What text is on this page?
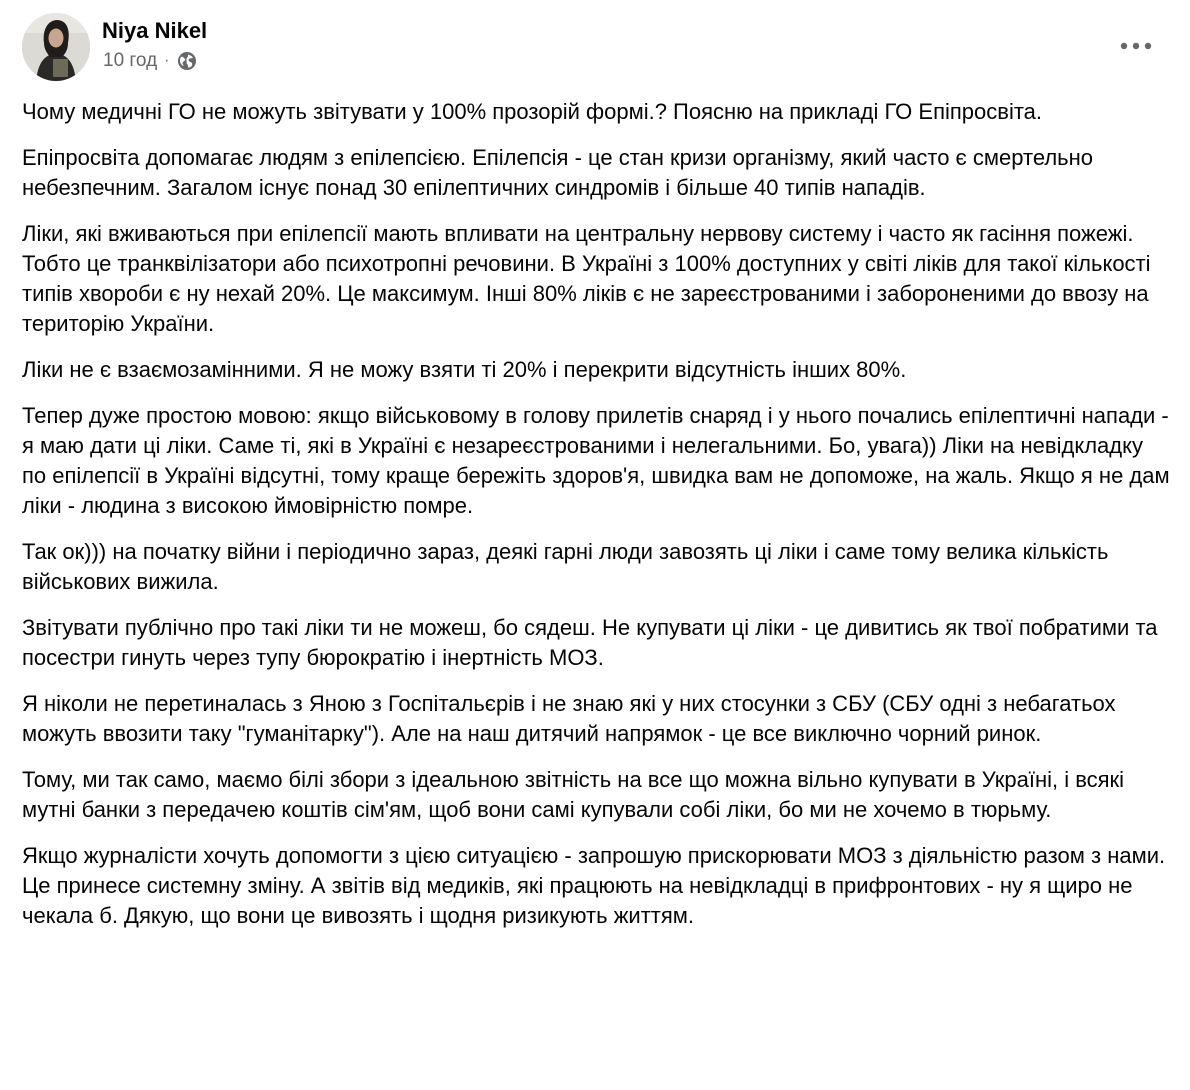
Niya Nikel
10 год ·

Чому медичні ГО не можуть звітувати у 100% прозорій формі.? Поясню на прикладі ГО Епіпросвіта.

Епіпросвіта допомагає людям з епілепсією. Епілепсія - це стан кризи організму, який часто є смертельно небезпечним. Загалом існує понад 30 епілептичних синдромів і більше 40 типів нападів.

Ліки, які вживаються при епілепсії мають впливати на центральну нервову систему і часто як гасіння пожежі. Тобто це транквілізатори або психотропні речовини. В Україні з 100% доступних у світі ліків для такої кількості типів хвороби є ну нехай 20%. Це максимум. Інші 80% ліків є не зареєстрованими і забороненими до ввозу на територію України.

Ліки не є взаємозамінними. Я не можу взяти ті 20% і перекрити відсутність інших 80%.

Тепер дуже простою мовою: якщо військовому в голову прилетів снаряд і у нього почались епілептичні напади - я маю дати ці ліки. Саме ті, які в Україні є незареєстрованими і нелегальними. Бо, увага)) Ліки на невідкладку по епілепсії в Україні відсутні, тому краще бережіть здоров'я, швидка вам не допоможе, на жаль. Якщо я не дам ліки - людина з високою ймовірністю помре.

Так ок))) на початку війни і періодично зараз, деякі гарні люди завозять ці ліки і саме тому велика кількість військових вижила.

Звітувати публічно про такі ліки ти не можеш, бо сядеш. Не купувати ці ліки - це дивитись як твої побратими та посестри гинуть через тупу бюрократію і інертність МОЗ.

Я ніколи не перетиналась з Яною з Госпітальєрів і не знаю які у них стосунки з СБУ (СБУ одні з небагатьох можуть ввозити таку "гуманітарку"). Але на наш дитячий напрямок - це все виключно чорний ринок.

Тому, ми так само, маємо білі збори з ідеальною звітність на все що можна вільно купувати в Україні, і всякі мутні банки з передачею коштів сім'ям, щоб вони самі купували собі ліки, бо ми не хочемо в тюрьму.

Якщо журналісти хочуть допомогти з цією ситуацією - запрошую прискорювати МОЗ з діяльністю разом з нами. Це принесе системну зміну. А звітів від медиків, які працюють на невідкладці в прифронтових - ну я щиро не чекала б. Дякую, що вони це вивозять і щодня ризикують життям.
